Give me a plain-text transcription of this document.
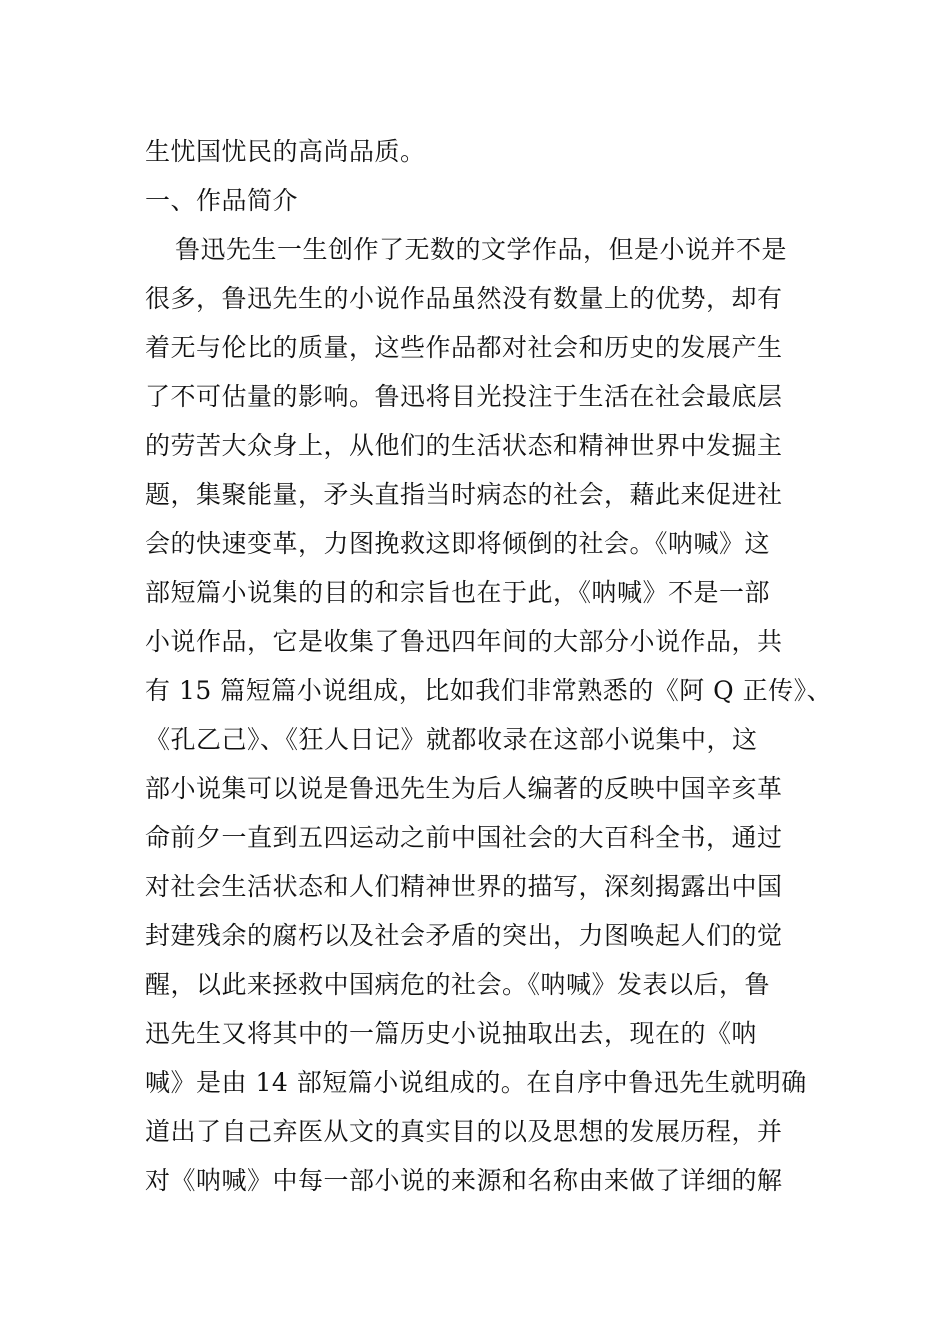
生忧国忧民的高尚品质。
一、作品简介
鲁迅先生一生创作了无数的文学作品，但是小说并不是
很多，鲁迅先生的小说作品虽然没有数量上的优势，却有
着无与伦比的质量，这些作品都对社会和历史的发展产生
了不可估量的影响。鲁迅将目光投注于生活在社会最底层
的劳苦大众身上，从他们的生活状态和精神世界中发掘主
题，集聚能量，矛头直指当时病态的社会，藉此来促进社
会的快速变革，力图挽救这即将倾倒的社会。《呐喊》这
部短篇小说集的目的和宗旨也在于此，《呐喊》不是一部
小说作品，它是收集了鲁迅四年间的大部分小说作品，共
有 15 篇短篇小说组成，比如我们非常熟悉的《阿 Q 正传》、
《孔乙己》、《狂人日记》就都收录在这部小说集中，这
部小说集可以说是鲁迅先生为后人编著的反映中国辛亥革
命前夕一直到五四运动之前中国社会的大百科全书，通过
对社会生活状态和人们精神世界的描写，深刻揭露出中国
封建残余的腐朽以及社会矛盾的突出，力图唤起人们的觉
醒，以此来拯救中国病危的社会。《呐喊》发表以后，鲁
迅先生又将其中的一篇历史小说抽取出去，现在的《呐
喊》是由 14 部短篇小说组成的。在自序中鲁迅先生就明确
道出了自己弃医从文的真实目的以及思想的发展历程，并
对《呐喊》中每一部小说的来源和名称由来做了详细的解
